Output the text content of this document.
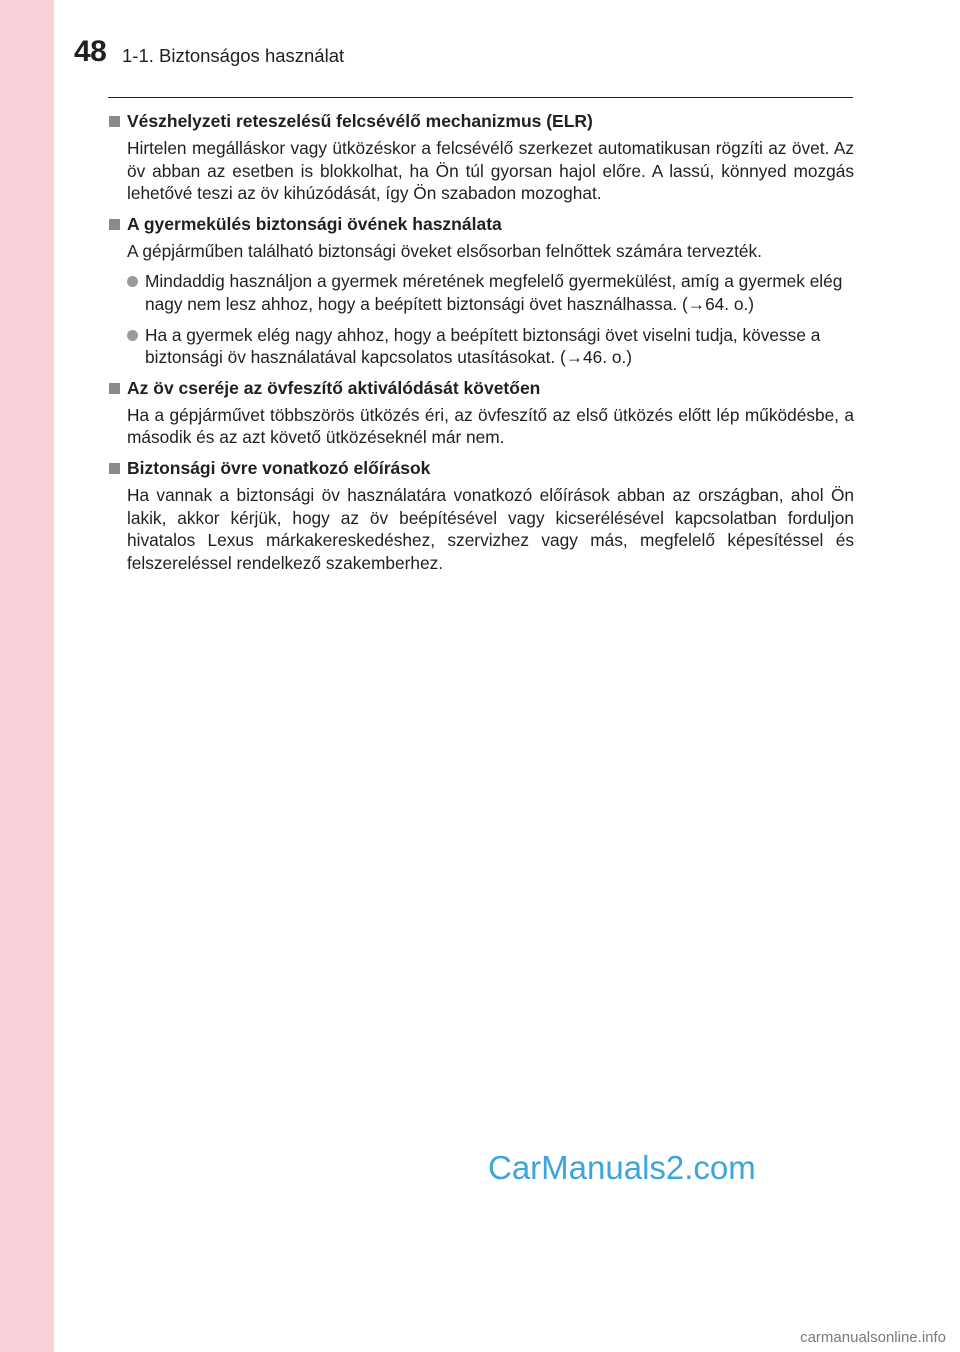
48 1-1. Biztonságos használat
Vészhelyzeti reteszelésű felcsévélő mechanizmus (ELR)

Hirtelen megálláskor vagy ütközéskor a felcsévélő szerkezet automatikusan rögzíti az övet. Az öv abban az esetben is blokkolhat, ha Ön túl gyorsan hajol előre. A lassú, könnyed mozgás lehetővé teszi az öv kihúzódását, így Ön szabadon mozoghat.

A gyermekülés biztonsági övének használata

A gépjárműben található biztonsági öveket elsősorban felnőttek számára tervezték.

Mindaddig használjon a gyermek méretének megfelelő gyermekülést, amíg a gyermek elég nagy nem lesz ahhoz, hogy a beépített biztonsági övet használhassa. (→64. o.)
Ha a gyermek elég nagy ahhoz, hogy a beépített biztonsági övet viselni tudja, kövesse a biztonsági öv használatával kapcsolatos utasításokat. (→46. o.)
Az öv cseréje az övfeszítő aktiválódását követően

Ha a gépjárművet többszörös ütközés éri, az övfeszítő az első ütközés előtt lép működésbe, a második és az azt követő ütközéseknél már nem.

Biztonsági övre vonatkozó előírások

Ha vannak a biztonsági öv használatára vonatkozó előírások abban az országban, ahol Ön lakik, akkor kérjük, hogy az öv beépítésével vagy kicserélésével kapcsolatban forduljon hivatalos Lexus márkakereskedéshez, szervizhez vagy más, megfelelő képesítéssel és felszereléssel rendelkező szakemberhez.

CarManuals2.com
carmanualsonline.info
